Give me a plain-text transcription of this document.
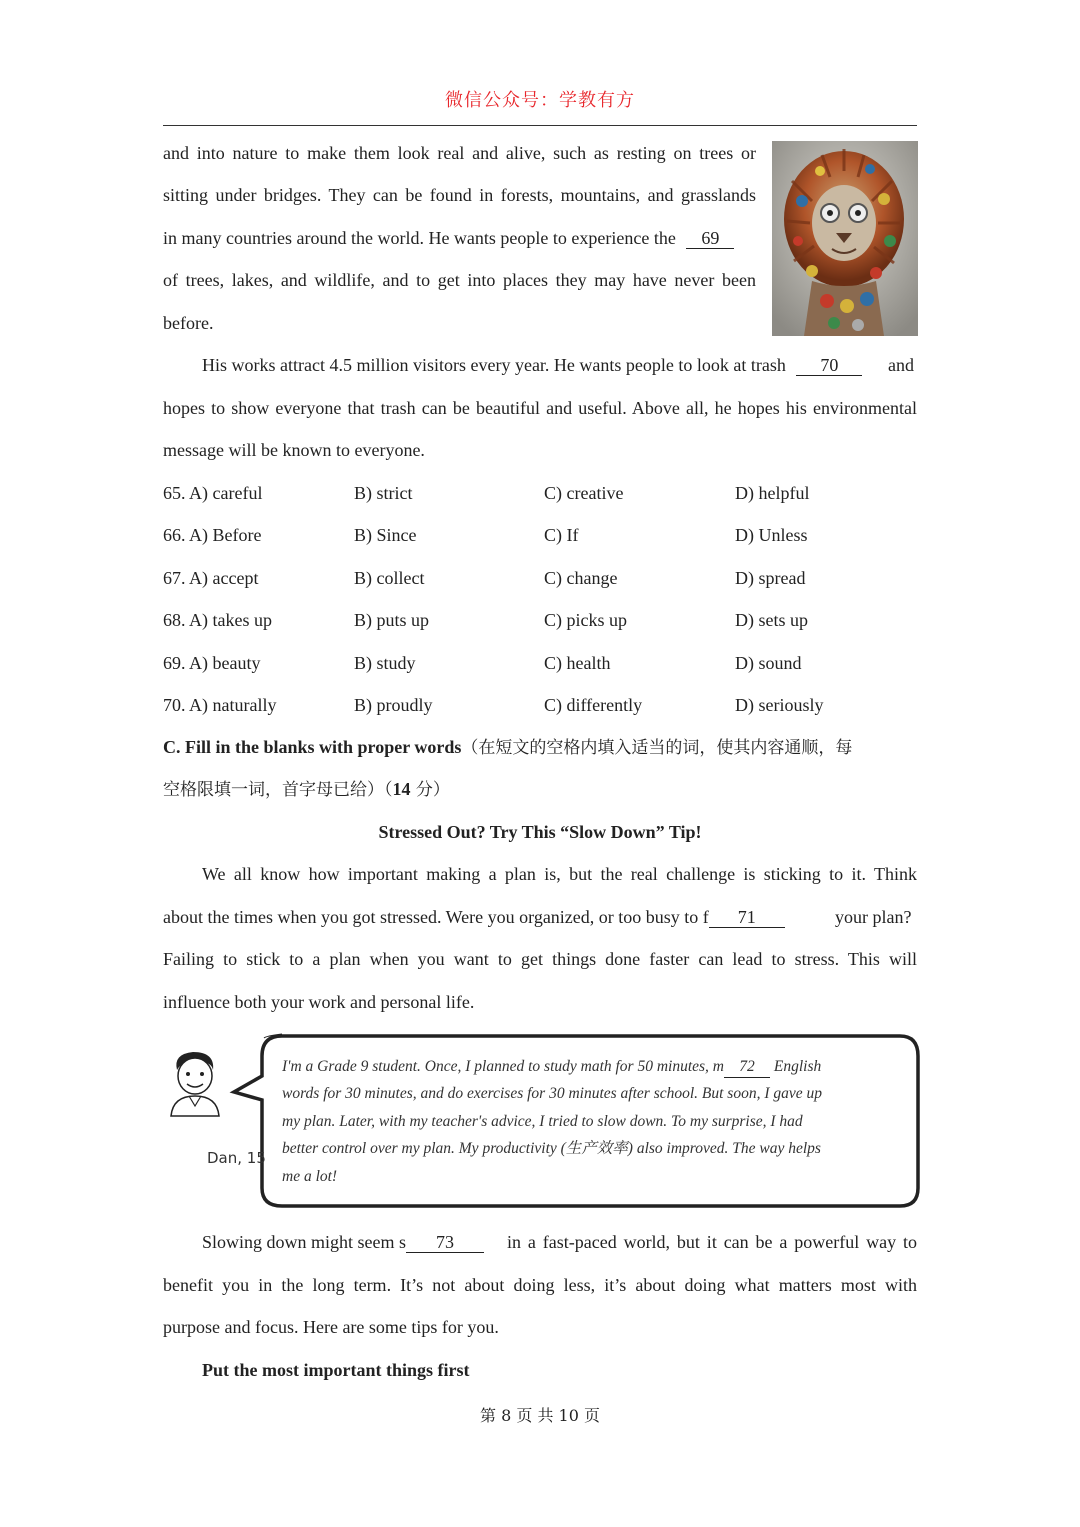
微信公众号：学教有方
and into nature to make them look real and alive, such as resting on trees or
sitting under bridges. They can be found in forests, mountains, and grasslands
in many countries around the world. He wants people to experience the 69
of trees, lakes, and wildlife, and to get into places they may have never been
before.
His works attract 4.5 million visitors every year. He wants people to look at trash 70	and
hopes to show everyone that trash can be beautiful and useful. Above all, he hopes his environmental
message will be known to everyone.
65. A) careful	B) strict	C) creative	D) helpful
66. A) Before	B) Since	C) If	D) Unless
67. A) accept	B) collect	C) change	D) spread
68. A) takes up	B) puts up	C) picks up	D) sets up
69. A) beauty	B) study	C) health	D) sound
70. A) naturally	B) proudly	C) differently	D) seriously
C. Fill in the blanks with proper words（在短文的空格内填入适当的词，使其内容通顺，每
空格限填一词，首字母已给）（14 分）
Stressed Out? Try This “Slow Down” Tip!
We all know how important making a plan is, but the real challenge is sticking to it. Think
about the times when you got stressed. Were you organized, or too busy to f 71	your plan?
Failing to stick to a plan when you want to get things done faster can lead to stress. This will
influence both your work and personal life.
Dan, 15
I'm a Grade 9 student. Once, I planned to study math for 50 minutes, m 72 English
words for 30 minutes, and do exercises for 30 minutes after school. But soon, I gave up
my plan. Later, with my teacher's advice, I tried to slow down. To my surprise, I had
better control over my plan. My productivity (生产效率) also improved. The way helps
me a lot!
Slowing down might seem s 73	in a fast-paced world, but it can be a powerful way to
benefit you in the long term. It’s not about doing less, it’s about doing what matters most with
purpose and focus. Here are some tips for you.
Put the most important things first
第 8 页 共 10 页
